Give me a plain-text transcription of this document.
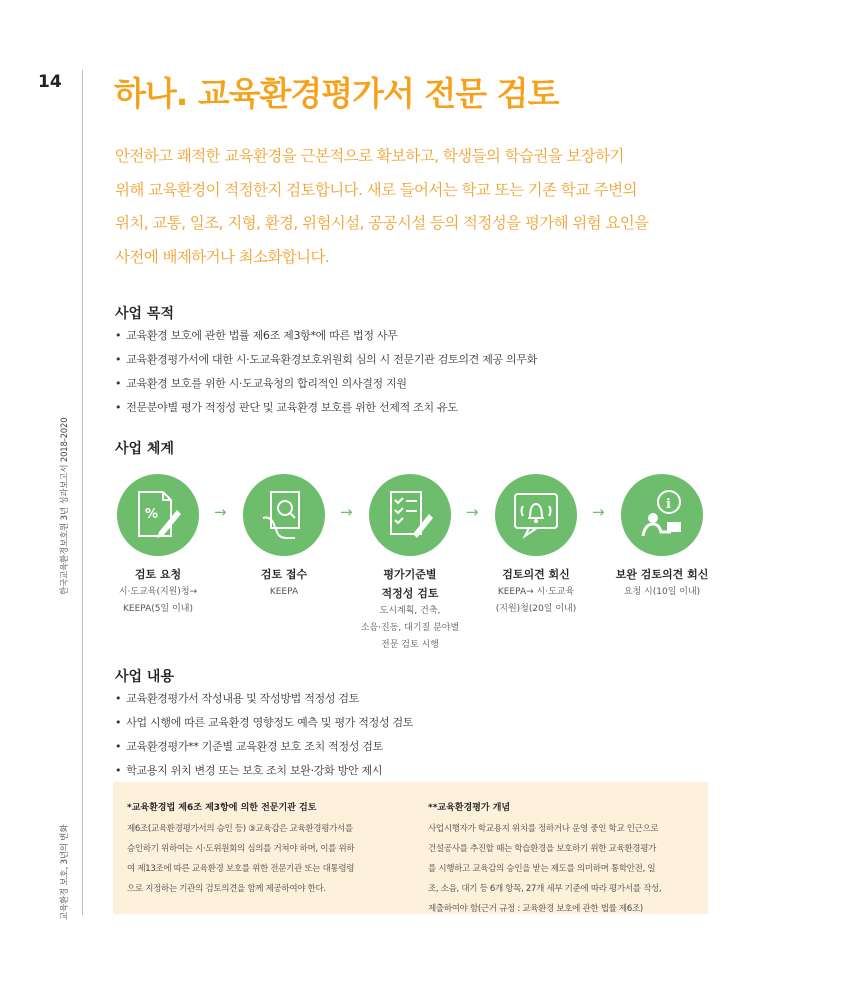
14
한국교육환경보호원 3년 성과보고서 2018-2020
교육환경 보호, 3년의 변화
하나. 교육환경평가서 전문 검토
안전하고 쾌적한 교육환경을 근본적으로 확보하고, 학생들의 학습권을 보장하기
위해 교육환경이 적정한지 검토합니다. 새로 들어서는 학교 또는 기존 학교 주변의
위치, 교통, 일조, 지형, 환경, 위험시설, 공공시설 등의 적정성을 평가해 위험 요인을
사전에 배제하거나 최소화합니다.
사업 목적
• 교육환경 보호에 관한 법률 제6조 제3항*에 따른 법정 사무
• 교육환경평가서에 대한 시·도교육환경보호위원회 심의 시 전문기관 검토의견 제공 의무화
• 교육환경 보호를 위한 시·도교육청의 합리적인 의사결정 지원
• 전문분야별 평가 적정성 판단 및 교육환경 보호를 위한 선제적 조치 유도
사업 체계
%
검토 요청
시·도교육(지원)청→
KEEPA(5일 이내)
→
검토 접수
KEEPA
→
평가기준별
적정성 검토
도시계획, 건축,
소음·진동, 대기질 분야별
전문 검토 시행
→
검토의견 회신
KEEPA→ 시·도교육
(지원)청(20일 이내)
→	i
보완 검토의견 회신
요청 시(10일 이내)
사업 내용
• 교육환경평가서 작성내용 및 작성방법 적정성 검토
• 사업 시행에 따른 교육환경 영향정도 예측 및 평가 적정성 검토
• 교육환경평가** 기준별 교육환경 보호 조치 적정성 검토
• 학교용지 위치 변경 또는 보호 조치 보완·강화 방안 제시
*교육환경법 제6조 제3항에 의한 전문기관 검토
제6조(교육환경평가서의 승인 등) ③교육감은 교육환경평가서를
승인하기 위하여는 시·도위원회의 심의를 거쳐야 하며, 이를 위하
여 제13조에 따른 교육환경 보호를 위한 전문기관 또는 대통령령
으로 지정하는 기관의 검토의견을 함께 제공하여야 한다.
**교육환경평가 개념
사업시행자가 학교용지 위치를 정하거나 운영 중인 학교 인근으로
건설공사를 추진할 때는 학습환경을 보호하기 위한 교육환경평가
를 시행하고 교육감의 승인을 받는 제도를 의미하며 통학안전, 일
조, 소음, 대기 등 6개 항목, 27개 세부 기준에 따라 평가서를 작성,
제출하여야 함(근거 규정 : 교육환경 보호에 관한 법률 제6조)
